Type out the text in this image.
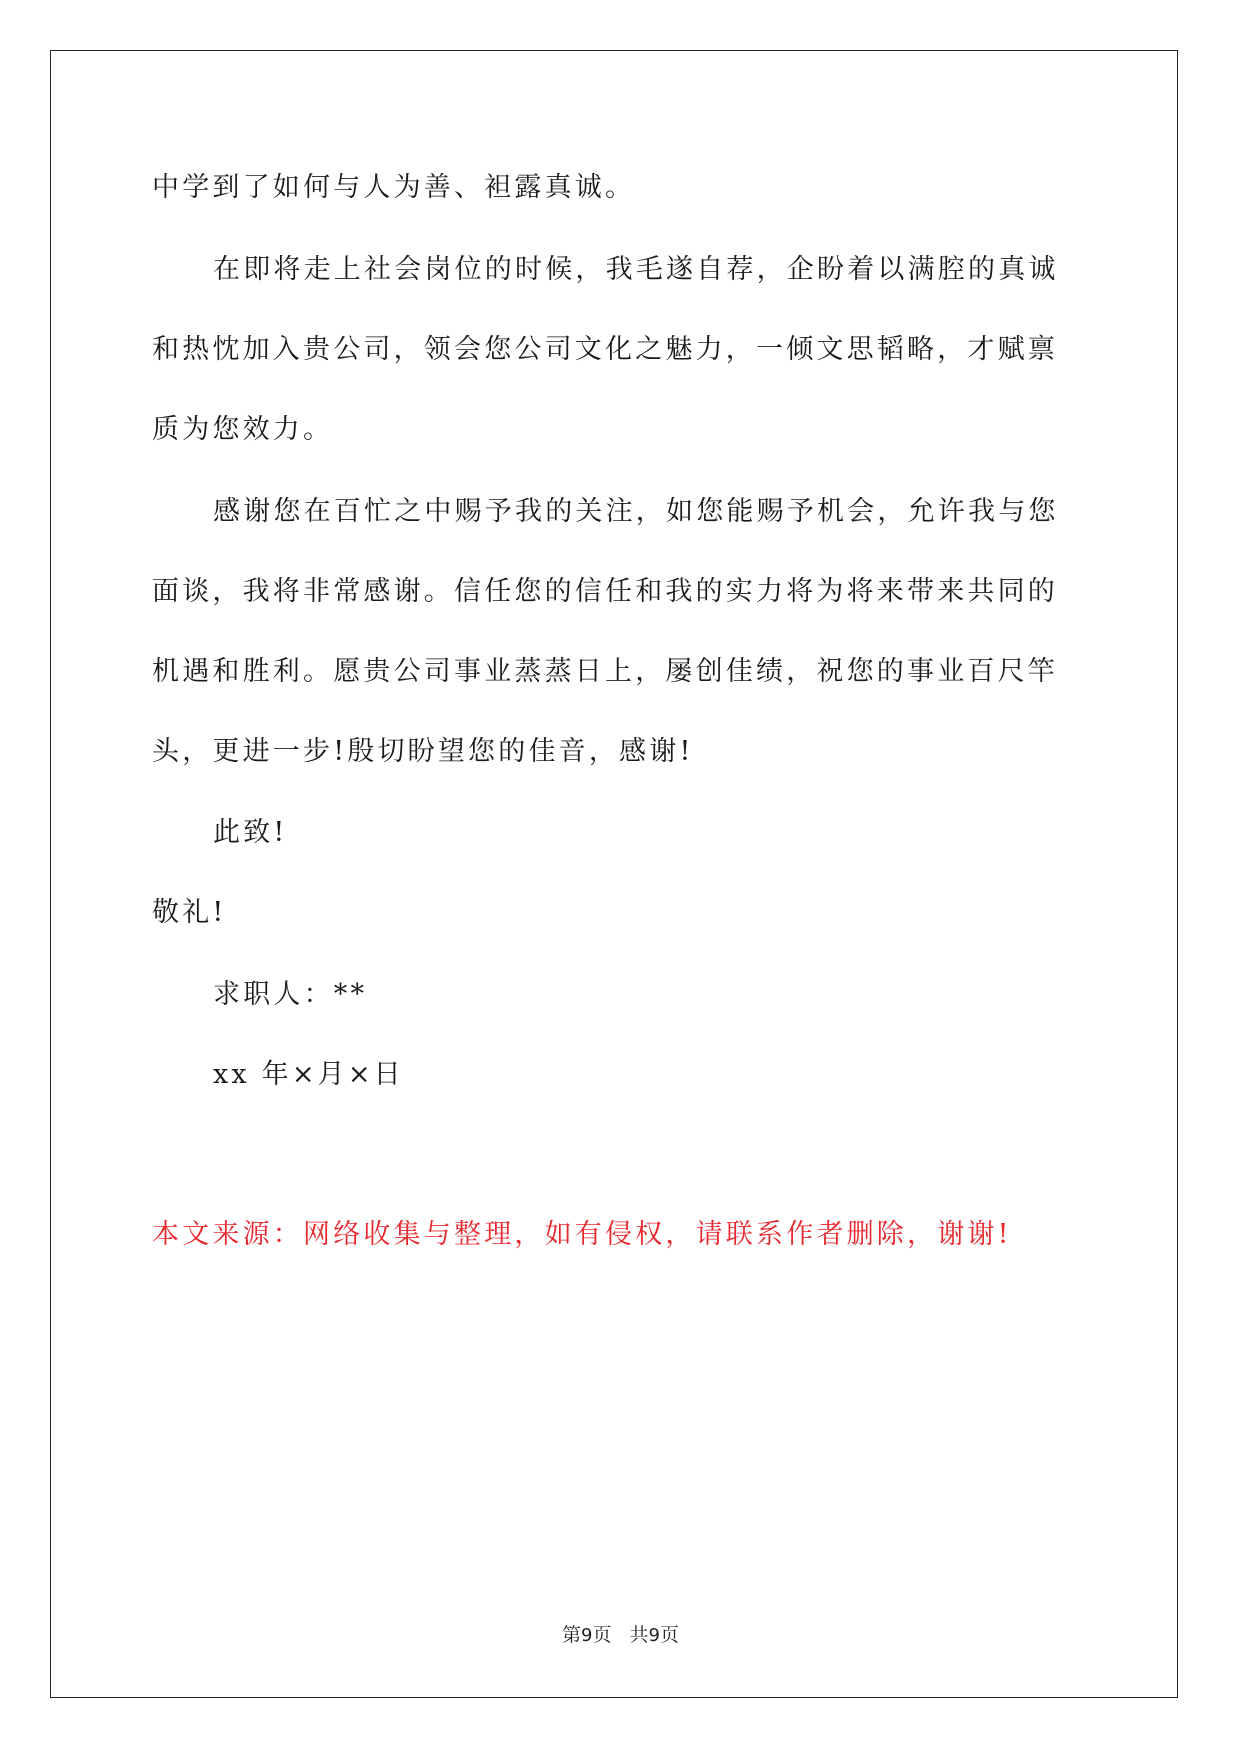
中学到了如何与人为善、袒露真诚。
在即将走上社会岗位的时候，我毛遂自荐，企盼着以满腔的真诚
和热忱加入贵公司，领会您公司文化之魅力，一倾文思韬略，才赋禀
质为您效力。
感谢您在百忙之中赐予我的关注，如您能赐予机会，允许我与您
面谈，我将非常感谢。信任您的信任和我的实力将为将来带来共同的
机遇和胜利。愿贵公司事业蒸蒸日上，屡创佳绩，祝您的事业百尺竿
头，更进一步!殷切盼望您的佳音，感谢!
此致!
敬礼!
求职人：**
xx 年×月×日
本文来源：网络收集与整理，如有侵权，请联系作者删除，谢谢!
第9页 共9页
